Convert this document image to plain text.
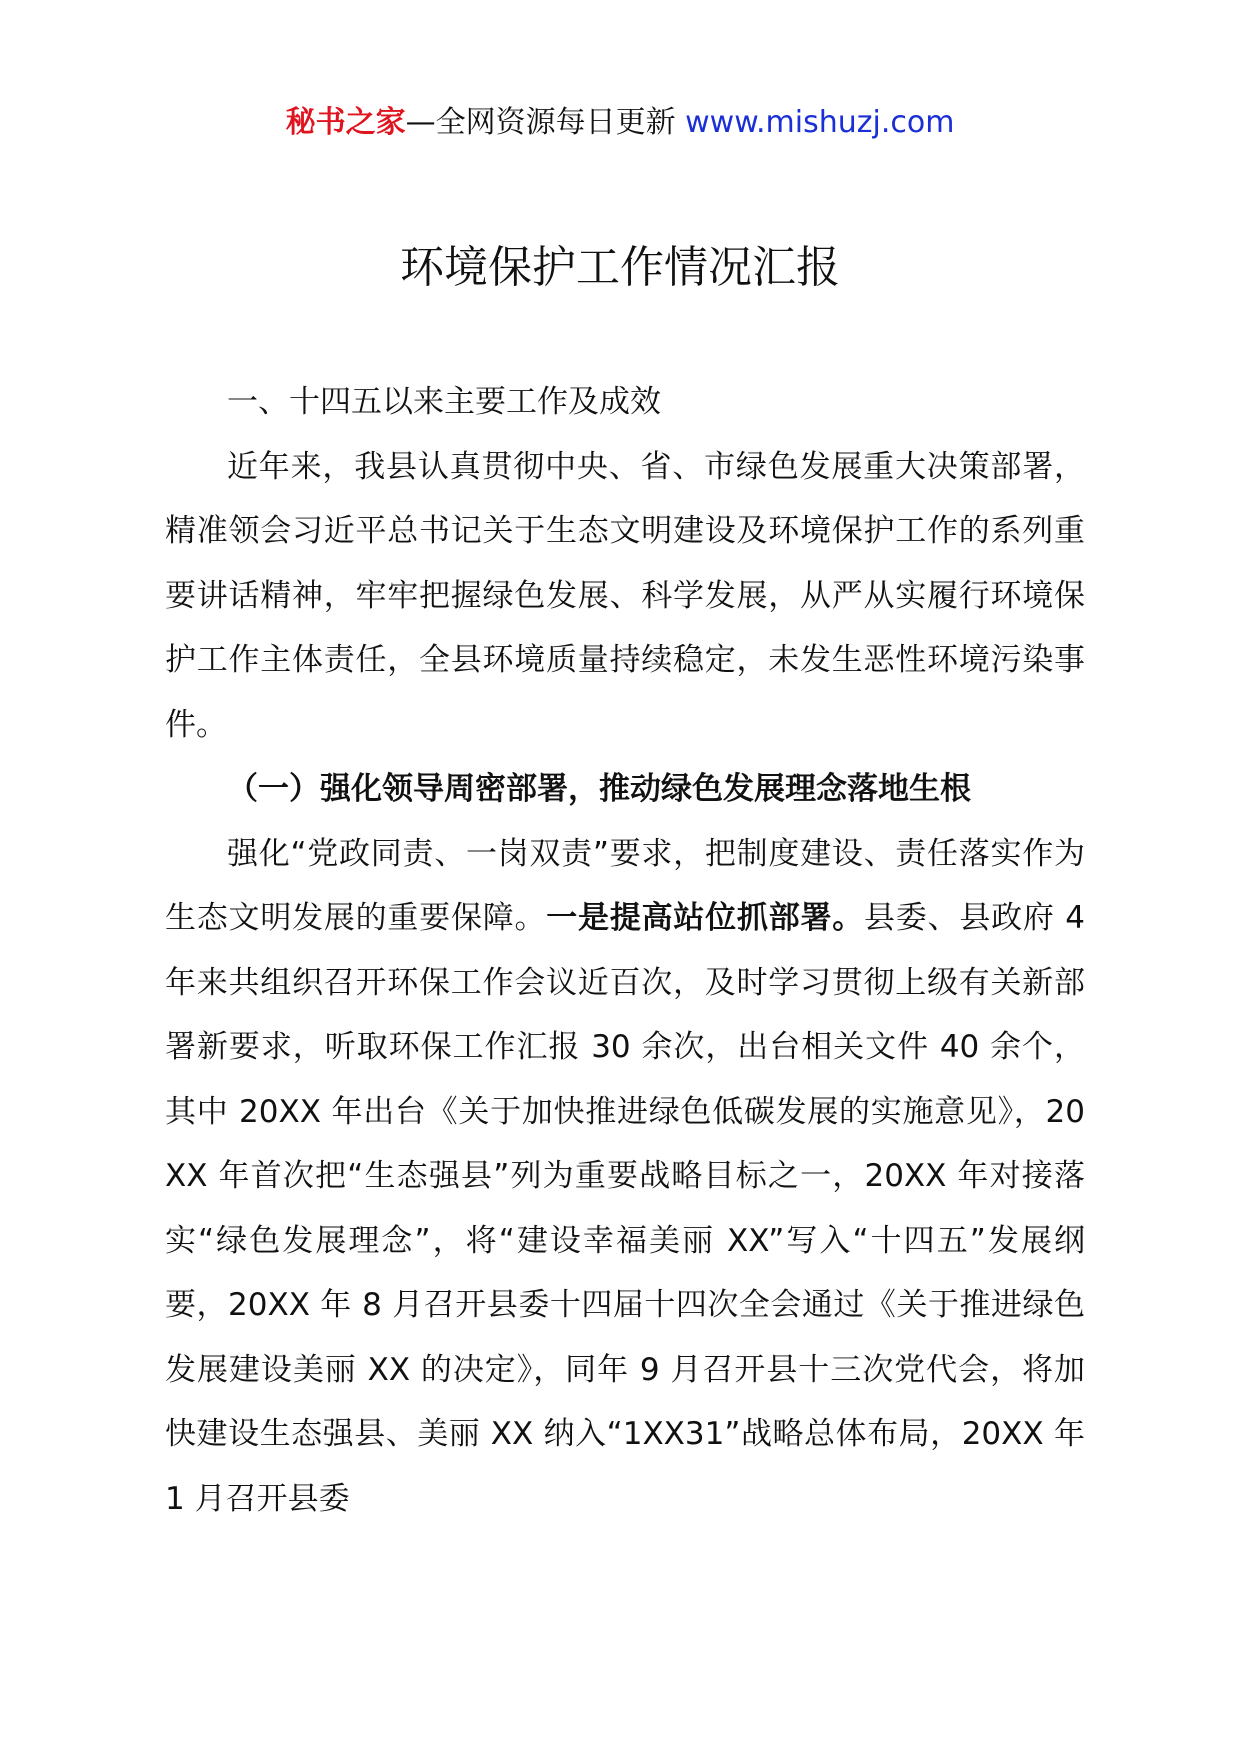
秘书之家—全网资源每日更新 www.mishuzj.com
环境保护工作情况汇报

一、十四五以来主要工作及成效

近年来，我县认真贯彻中央、省、市绿色发展重大决策部署，精准领会习近平总书记关于生态文明建设及环境保护工作的系列重要讲话精神，牢牢把握绿色发展、科学发展，从严从实履行环境保护工作主体责任，全县环境质量持续稳定，未发生恶性环境污染事件。

（一）强化领导周密部署，推动绿色发展理念落地生根

强化“党政同责、一岗双责”要求，把制度建设、责任落实作为生态文明发展的重要保障。一是提高站位抓部署。县委、县政府 4 年来共组织召开环保工作会议近百次，及时学习贯彻上级有关新部署新要求，听取环保工作汇报 30 余次，出台相关文件 40 余个，其中 20XX 年出台《关于加快推进绿色低碳发展的实施意见》，20XX 年首次把“生态强县”列为重要战略目标之一，20XX 年对接落实“绿色发展理念”，将“建设幸福美丽 XX”写入“十四五”发展纲要，20XX 年 8 月召开县委十四届十四次全会通过《关于推进绿色发展建设美丽 XX 的决定》，同年 9 月召开县十三次党代会，将加快建设生态强县、美丽 XX 纳入“1XX31”战略总体布局，20XX 年 1 月召开县委
